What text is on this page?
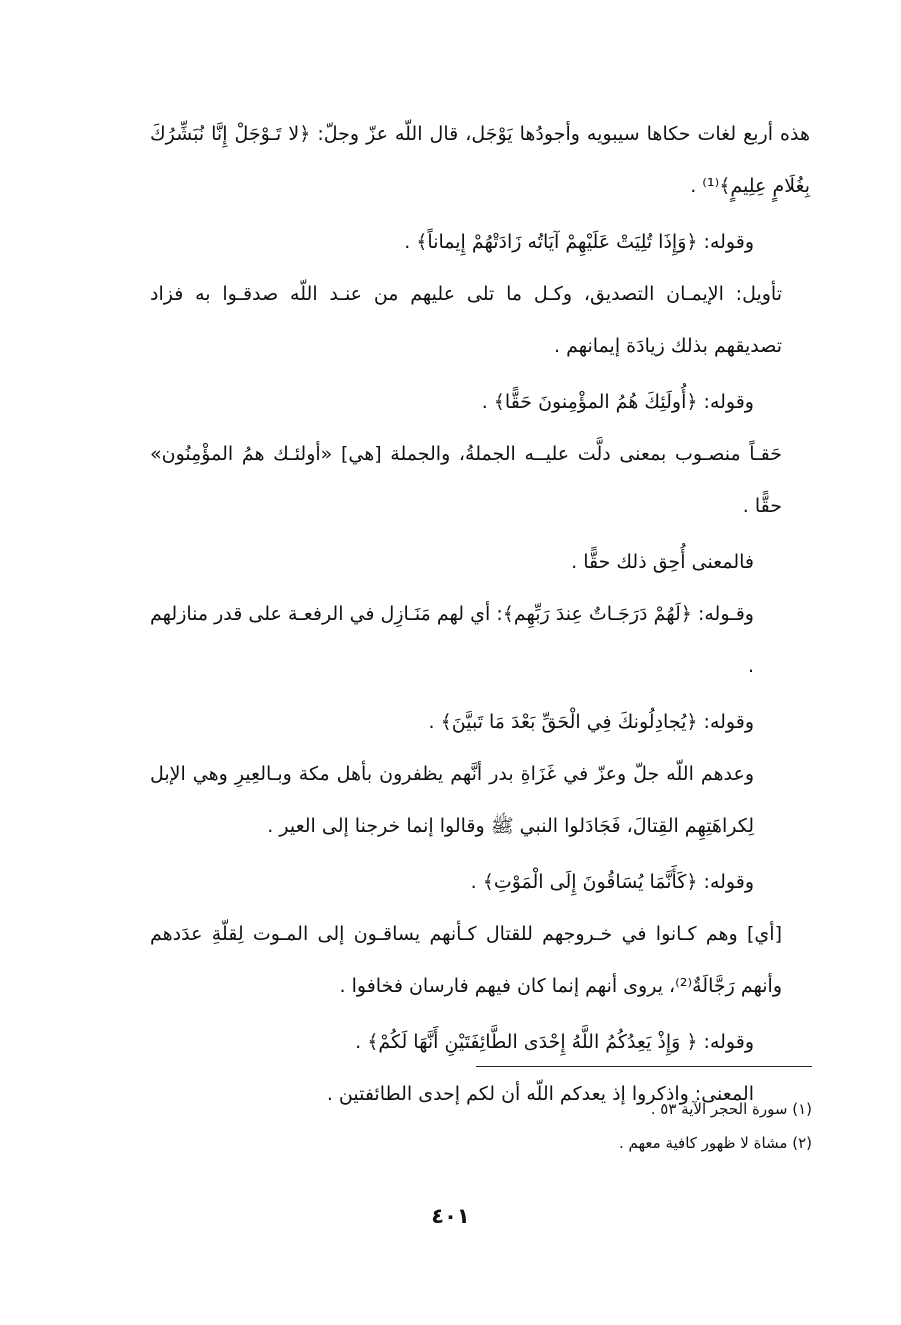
هذه أربع لغات حكاها سيبويه وأجودُها يَوْجَل، قال اللّه عزّ وجلّ: ﴿لا تَـوْجَلْ إِنَّا نُبَشِّرُكَ بِغُلَامٍ عِلِيمٍ﴾⁽¹⁾ .

وقوله: ﴿وَإِذَا تُلِيَتْ عَلَيْهِمْ آيَاتُه زَادَتْهُمْ إِيماناً﴾ .

تأويل: الإيمـان التصديق، وكـل ما تلى عليهم من عنـد اللّه صدقـوا به فزاد تصديقهم بذلك زيادَة إيمانهم .

وقوله: ﴿أُولَئِكَ هُمُ المؤْمِنونَ حَقًّا﴾ .

حَقـاً منصـوب بمعنى دلَّت عليــه الجملةُ، والجملة [هي] «أولئـك همُ المؤْمِنُون» حقًّا .

فالمعنى أُحِق ذلك حقًّا .

وقـوله: ﴿لَهُمْ دَرَجَـاتٌ عِندَ رَبِّهِم﴾: أي لهم مَنَـازِل في الرفعـة على قدر منازلهم .

وقوله: ﴿يُجادِلُونكَ فِي الْحَقِّ بَعْدَ مَا تَبيَّنَ﴾ .

وعدهم اللّه جلّ وعزّ في غَزَاةِ بدر أنَّهم يظفرون بأهل مكة وبـالعِيرِ وهي الإبل لِكراهَتِهِم القِتالَ، فَجَادَلوا النبي ﷺ وقالوا إنما خرجنا إلى العير .

وقوله: ﴿كَأَنَّمَا يُسَاقُونَ إِلَى الْمَوْتِ﴾ .

[أي] وهم كـانوا في خـروجهم للقتال كـأنهم يساقـون إلى المـوت لِقلّةِ عدَدهم وأنهم رَجَّالَةٌ⁽²⁾، يروى أنهم إنما كان فيهم فارسان فخافوا .

وقوله: ﴿ وَإِذْ يَعِدُكُمُ اللَّهُ إِحْدَى الطَّائِفَتَيْنِ أَنَّهَا لَكُمْ﴾ .

المعنى: واذكروا إذ يعدكم اللّه أن لكم إحدى الطائفتين .

(١) سورة الحجر الآية ٥٣ .

(٢) مشاة لا ظهور كافية معهم .

٤٠١
